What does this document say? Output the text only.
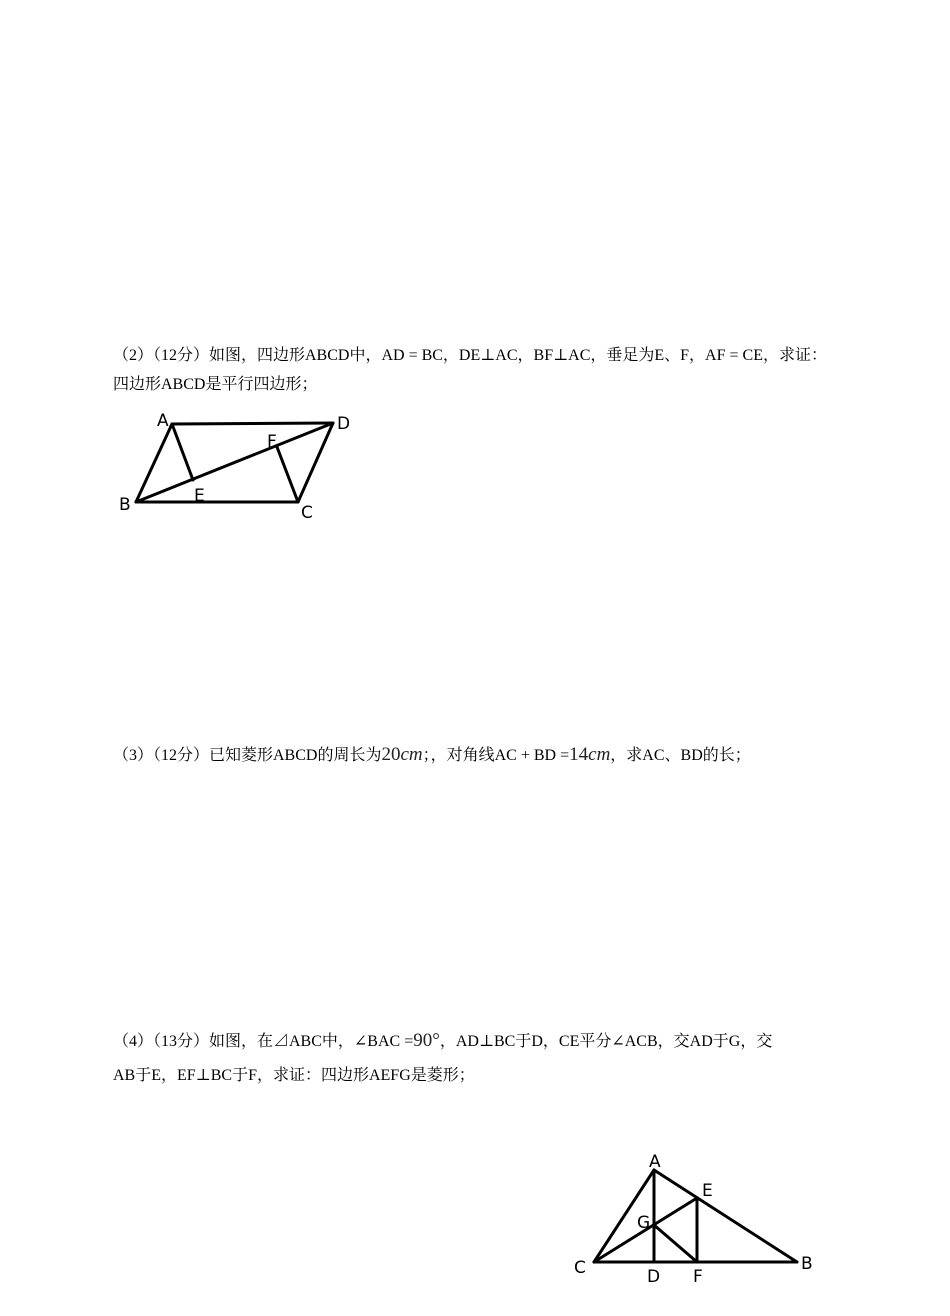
（2）（12分）如图，四边形ABCD中，AD = BC，DE⊥AC，BF⊥AC，垂足为E、F，AF = CE，求证：
四边形ABCD是平行四边形；
A	D
F
E
B	C
（3）（12分）已知菱形ABCD的周长为20cm；，对角线AC + BD =14cm，求AC、BD的长；
（4）（13分）如图，在⊿ABC中，∠BAC =90°，AD⊥BC于D，CE平分∠ACB，交AD于G，交
AB于E，EF⊥BC于F，求证：四边形AEFG是菱形；
A
E
G
C	D F
B
